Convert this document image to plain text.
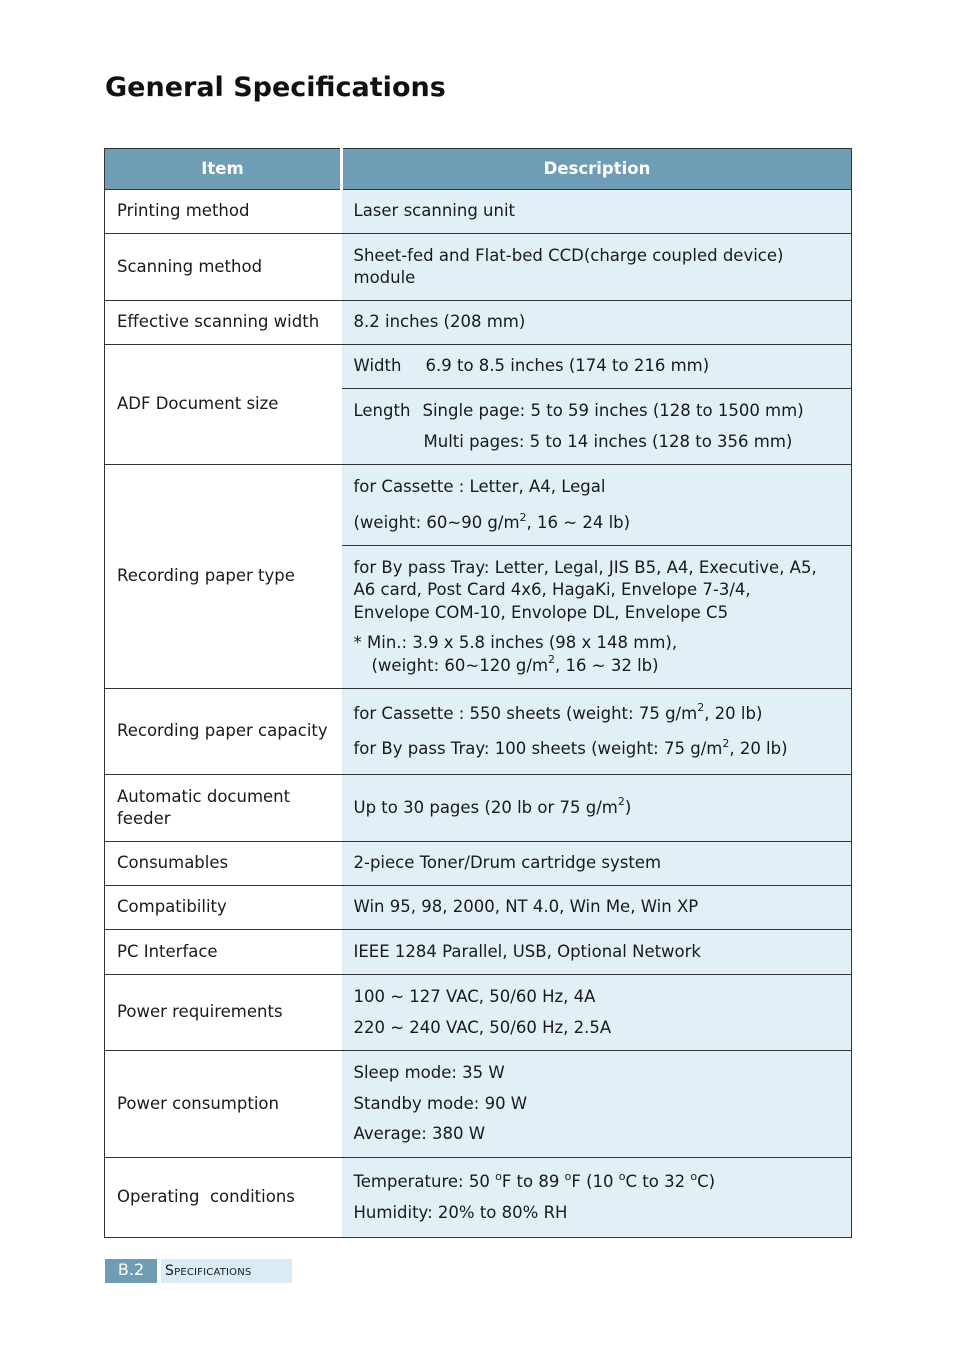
General Specifications
Item	Description
Printing method	Laser scanning unit
Scanning method	Sheet-fed and Flat-bed CCD(charge coupled device)
module

Effective scanning width	8.2 inches (208 mm)
ADF Document size	Width 6.9 to 8.5 inches (174 to 216 mm)

	Length Single page: 5 to 59 inches (128 to 1500 mm)
Multi pages: 5 to 14 inches (128 to 356 mm)

Recording paper type	for Cassette : Letter, A4, Legal
(weight: 60~90 $g/m^2$, 16 ~ 24 lb)

	for By pass Tray: Letter, Legal, JIS B5, A4, Executive, A5,
A6 card, Post Card 4x6, HagaKi, Envelope 7-3/4,
Envelope COM-10, Envolope DL, Envelope C5
* Min.: 3.9 x 5.8 inches (98 x 148 mm),
(weight: 60~120 $g/m^2$, 16 ~ 32 lb)

Recording paper capacity	for Cassette : 550 sheets (weight: 75 $g/m^2$, 20 lb)
for By pass Tray: 100 sheets (weight: 75 $g/m^2$, 20 lb)

Automatic document
feeder	Up to 30 pages (20 lb or 75 $g/m^2$)

Consumables	2-piece Toner/Drum cartridge system
Compatibility	Win 95, 98, 2000, NT 4.0, Win Me, Win XP
PC Interface	IEEE 1284 Parallel, USB, Optional Network
Power requirements	100 ~ 127 VAC, 50/60 Hz, 4A
220 ~ 240 VAC, 50/60 Hz, 2.5A

Power consumption	Sleep mode: 35 W
Standby mode: 90 W
Average: 380 W

Operating  conditions	Temperature: 50 $^o$F to 89 $^o$F (10 $^o$C to 32 $^o$C)
Humidity: 20% to 80% RH
B.2	Specifications
